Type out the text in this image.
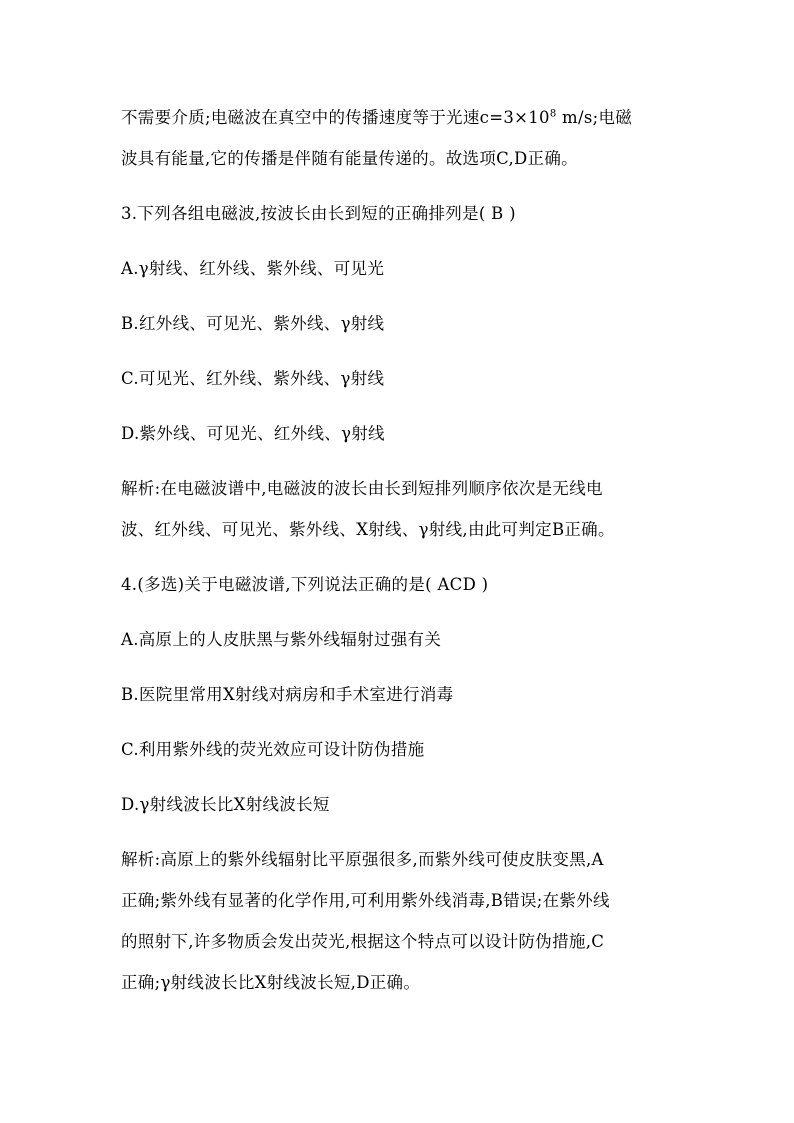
不需要介质;电磁波在真空中的传播速度等于光速$c=3\times 10^8$ m/s;电磁
波具有能量,它的传播是伴随有能量传递的。故选项C,D正确。
3.下列各组电磁波,按波长由长到短的正确排列是( B )
A.γ射线、红外线、紫外线、可见光
B.红外线、可见光、紫外线、γ射线
C.可见光、红外线、紫外线、γ射线
D.紫外线、可见光、红外线、γ射线
解析:在电磁波谱中,电磁波的波长由长到短排列顺序依次是无线电
波、红外线、可见光、紫外线、X射线、γ射线,由此可判定B正确。
4.(多选)关于电磁波谱,下列说法正确的是( ACD )
A.高原上的人皮肤黑与紫外线辐射过强有关
B.医院里常用X射线对病房和手术室进行消毒
C.利用紫外线的荧光效应可设计防伪措施
D.γ射线波长比X射线波长短
解析:高原上的紫外线辐射比平原强很多,而紫外线可使皮肤变黑,A
正确;紫外线有显著的化学作用,可利用紫外线消毒,B错误;在紫外线
的照射下,许多物质会发出荧光,根据这个特点可以设计防伪措施,C
正确;γ射线波长比X射线波长短,D正确。
